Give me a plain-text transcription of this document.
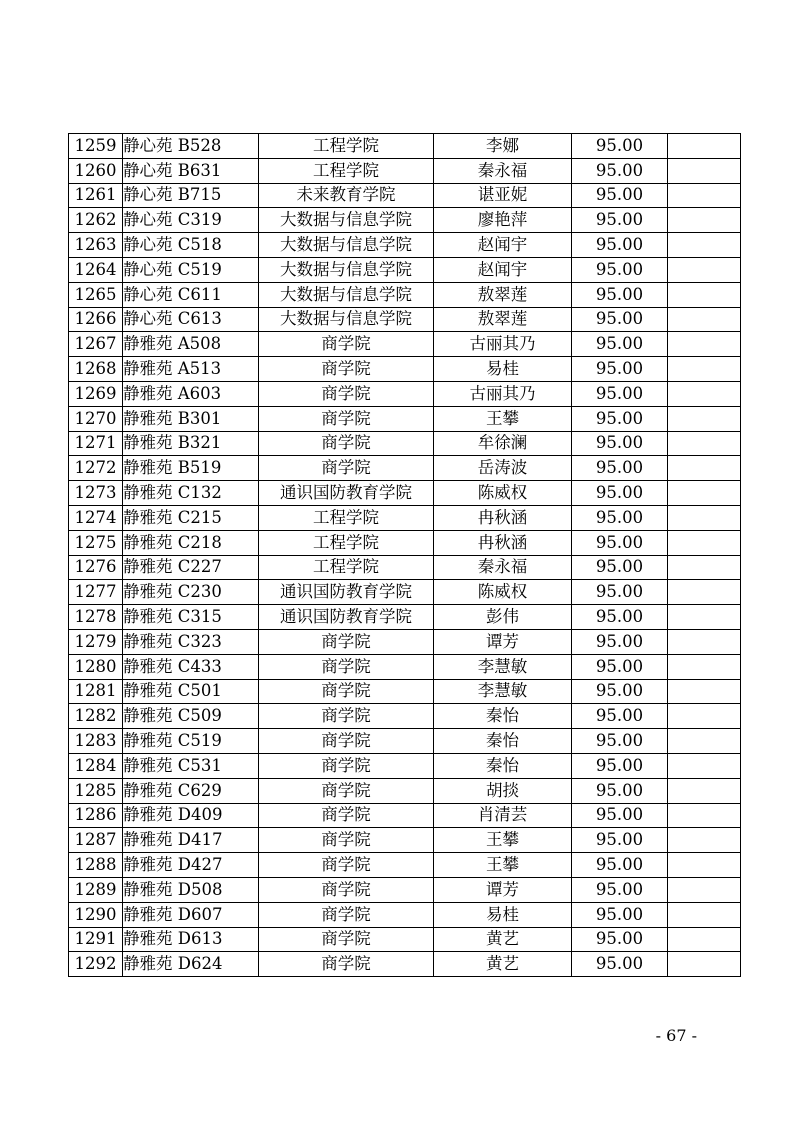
1259	静心苑 B528	工程学院	李娜	95.00	
1260	静心苑 B631	工程学院	秦永福	95.00	
1261	静心苑 B715	未来教育学院	谌亚妮	95.00	
1262	静心苑 C319	大数据与信息学院	廖艳萍	95.00	
1263	静心苑 C518	大数据与信息学院	赵闻宇	95.00	
1264	静心苑 C519	大数据与信息学院	赵闻宇	95.00	
1265	静心苑 C611	大数据与信息学院	敖翠莲	95.00	
1266	静心苑 C613	大数据与信息学院	敖翠莲	95.00	
1267	静雅苑 A508	商学院	古丽其乃	95.00	
1268	静雅苑 A513	商学院	易桂	95.00	
1269	静雅苑 A603	商学院	古丽其乃	95.00	
1270	静雅苑 B301	商学院	王攀	95.00	
1271	静雅苑 B321	商学院	牟徐澜	95.00	
1272	静雅苑 B519	商学院	岳涛波	95.00	
1273	静雅苑 C132	通识国防教育学院	陈威权	95.00	
1274	静雅苑 C215	工程学院	冉秋涵	95.00	
1275	静雅苑 C218	工程学院	冉秋涵	95.00	
1276	静雅苑 C227	工程学院	秦永福	95.00	
1277	静雅苑 C230	通识国防教育学院	陈威权	95.00	
1278	静雅苑 C315	通识国防教育学院	彭伟	95.00	
1279	静雅苑 C323	商学院	谭芳	95.00	
1280	静雅苑 C433	商学院	李慧敏	95.00	
1281	静雅苑 C501	商学院	李慧敏	95.00	
1282	静雅苑 C509	商学院	秦怡	95.00	
1283	静雅苑 C519	商学院	秦怡	95.00	
1284	静雅苑 C531	商学院	秦怡	95.00	
1285	静雅苑 C629	商学院	胡掞	95.00	
1286	静雅苑 D409	商学院	肖清芸	95.00	
1287	静雅苑 D417	商学院	王攀	95.00	
1288	静雅苑 D427	商学院	王攀	95.00	
1289	静雅苑 D508	商学院	谭芳	95.00	
1290	静雅苑 D607	商学院	易桂	95.00	
1291	静雅苑 D613	商学院	黄艺	95.00	
1292	静雅苑 D624	商学院	黄艺	95.00	
- 67 -
